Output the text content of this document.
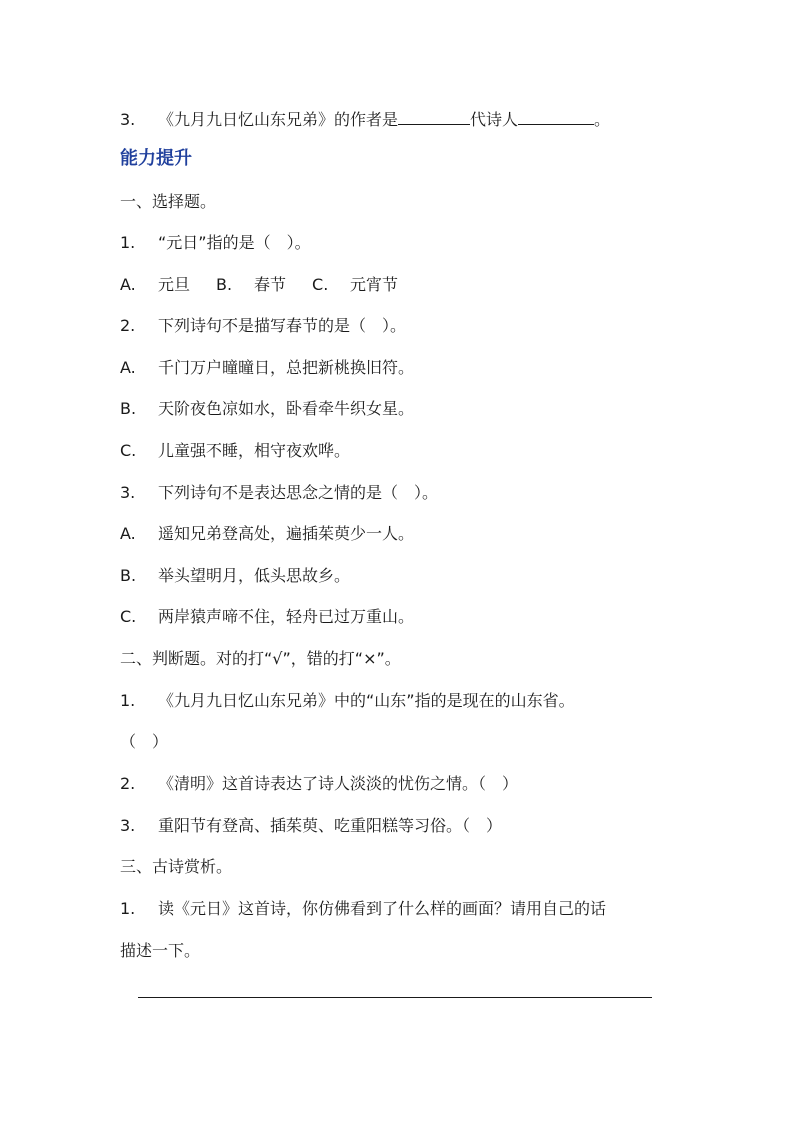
3. 《九月九日忆山东兄弟》的作者是	代诗人	。
能力提升
一、选择题。
1. “元日”指的是（　）。
A. 元旦 B. 春节 C. 元宵节
2. 下列诗句不是描写春节的是（　）。
A. 千门万户曈曈日，总把新桃换旧符。
B. 天阶夜色凉如水，卧看牵牛织女星。
C. 儿童强不睡，相守夜欢哗。
3. 下列诗句不是表达思念之情的是（　）。
A. 遥知兄弟登高处，遍插茱萸少一人。
B. 举头望明月，低头思故乡。
C. 两岸猿声啼不住，轻舟已过万重山。
二、判断题。对的打“√”，错的打“×”。
1. 《九月九日忆山东兄弟》中的“山东”指的是现在的山东省。
（　）
2. 《清明》这首诗表达了诗人淡淡的忧伤之情。（　）
3. 重阳节有登高、插茱萸、吃重阳糕等习俗。（　）
三、古诗赏析。
1. 读《元日》这首诗，你仿佛看到了什么样的画面？请用自己的话
描述一下。
